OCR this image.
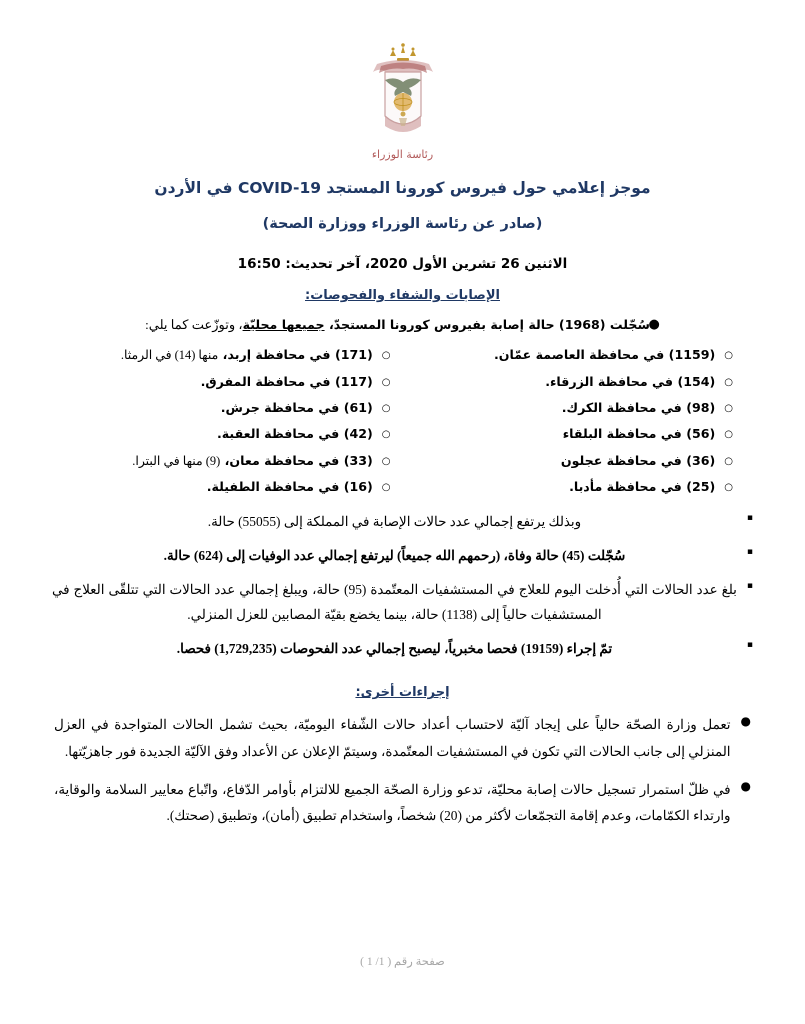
رئاسة الوزراء
موجز إعلامي حول فيروس كورونا المستجد COVID-19 في الأردن
(صادر عن رئاسة الوزراء ووزارة الصحة)
الاثنين 26 تشرين الأول 2020، آخر تحديث: 16:50
الإصابات والشفاء والفحوصات:
●سُجّلت (1968) حالة إصابة بفيروس كورونا المستجدّ، جميعها محليّة، وتوزّعت كما يلي:
○
(1159)

في محافظة العاصمة عمّان.
○
(171)

في محافظة إربد،

منها (14) في الرمثا.
○
(154)

في محافظة الزرقاء.
○
(117)

في محافظة المفرق.
○
(98)

في محافظة الكرك.
○
(61)

في محافظة جرش.
○
(56)

في محافظة البلقاء
○
(42)

في محافظة العقبة.
○
(36)

في محافظة عجلون
○
(33)

في محافظة معان،

(9) منها في البترا.
○
(25)

في محافظة مأدبا.
○
(16)

في محافظة الطفيلة.
▪
وبذلك يرتفع إجمالي عدد حالات الإصابة في المملكة إلى (55055) حالة.
▪
سُجّلت (45) حالة وفاة، (رحمهم الله جميعاً) ليرتفع إجمالي عدد الوفيات إلى (624) حالة.
▪
بلغ عدد الحالات التي أُدخلت اليوم للعلاج في المستشفيات المعتّمدة (95) حالة، ويبلغ إجمالي عدد الحالات التي تتلقّى العلاج في المستشفيات حالياً إلى (1138) حالة، بينما يخضع بقيّة المصابين للعزل المنزلي.
▪
تمّ إجراء (19159) فحصا مخبرياً، ليصبح إجمالي عدد الفحوصات (1,729,235) فحصا.
إجراءات أخرى:
●
تعمل وزارة الصحّة حالياً على إيجاد آليّة لاحتساب أعداد حالات الشّفاء اليوميّة، بحيث تشمل الحالات المتواجدة في العزل المنزلي إلى جانب الحالات التي تكون في المستشفيات المعتّمدة، وسيتمّ الإعلان عن الأعداد وفق الآليّة الجديدة فور جاهزيّتها.
●
في ظلّ استمرار تسجيل حالات إصابة محليّة، تدعو وزارة الصحّة الجميع للالتزام بأوامر الدّفاع، واتّباع معايير السلامة والوقاية، وارتداء الكمّامات، وعدم إقامة التجمّعات لأكثر من (20) شخصاً، واستخدام تطبيق (أمان)، وتطبيق (صحتك).
صفحة رقم ( 1/ 1 )
